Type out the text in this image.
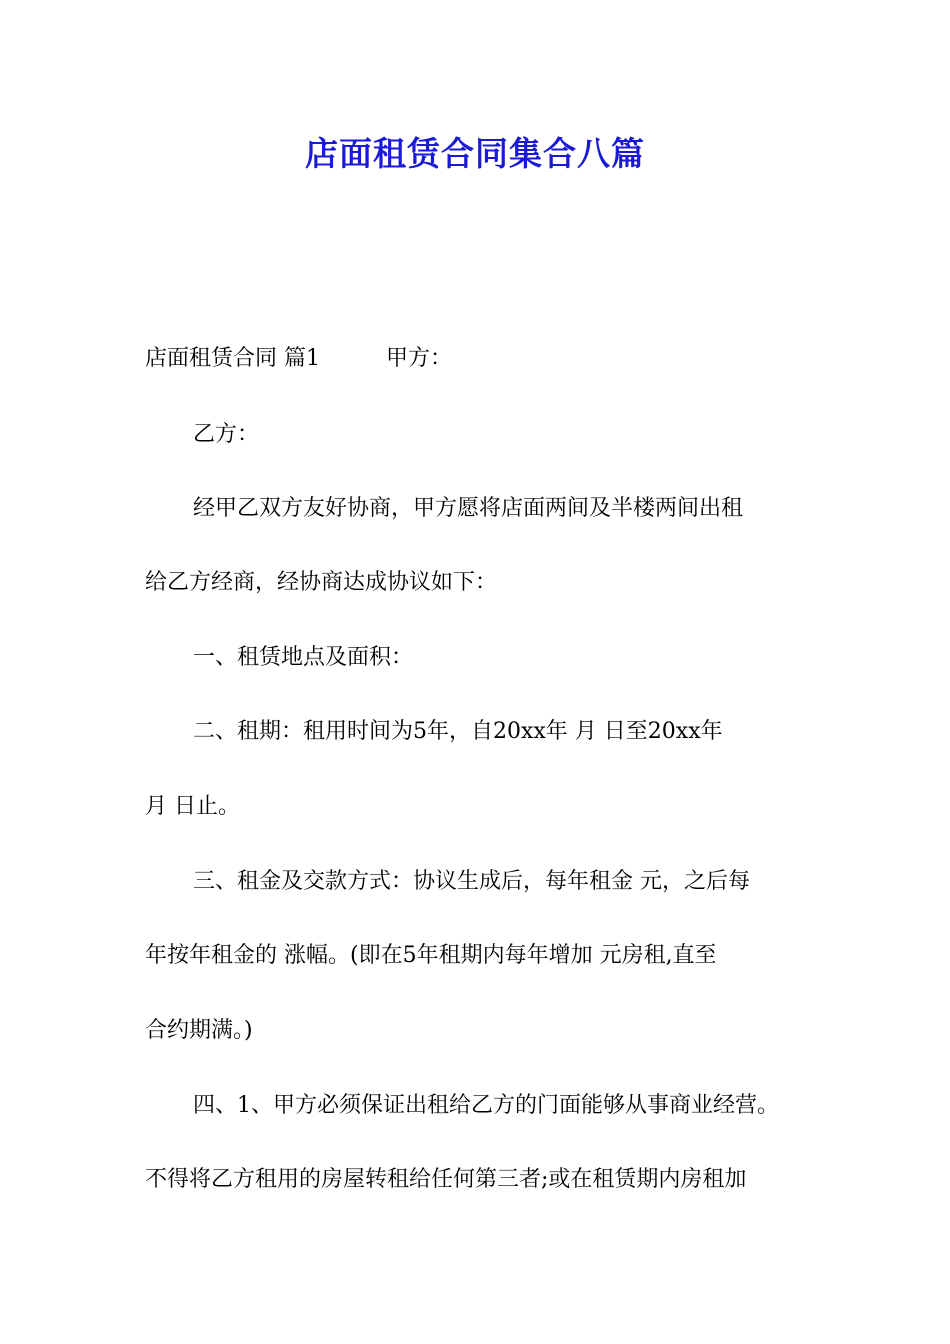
店面租赁合同集合八篇

店面租赁合同 篇1　　　甲方：

乙方：

经甲乙双方友好协商，甲方愿将店面两间及半楼两间出租

给乙方经商，经协商达成协议如下：

一、租赁地点及面积：

二、租期：租用时间为5年，自20xx年 月 日至20xx年

月 日止。

三、租金及交款方式：协议生成后，每年租金 元，之后每

年按年租金的 涨幅。(即在5年租期内每年增加 元房租,直至

合约期满。)

四、1、甲方必须保证出租给乙方的门面能够从事商业经营。

不得将乙方租用的房屋转租给任何第三者;或在租赁期内房租加
